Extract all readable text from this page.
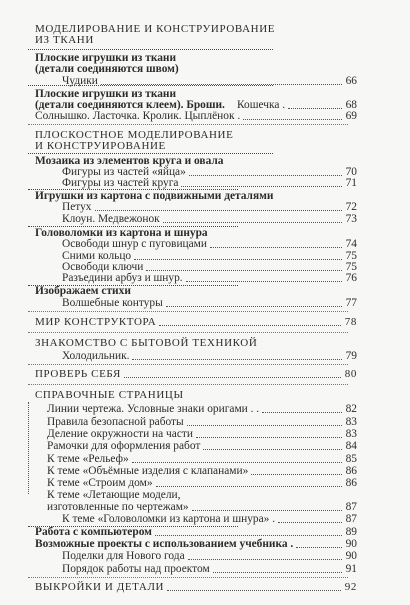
МОДЕЛИРОВАНИЕ И КОНСТРУИРОВАНИЕ
ИЗ ТКАНИ
Плоские игрушки из ткани
(детали соединяются швом)
Чудики	66
Плоские игрушки из ткани
(детали соединяются клеем). Броши. Кошечка .	68
Солнышко. Ласточка. Кролик. Цыплёнок .	69
ПЛОСКОСТНОЕ МОДЕЛИРОВАНИЕ
И КОНСТРУИРОВАНИЕ
Мозаика из элементов круга и овала
Фигуры из частей «яйца»	70
Фигуры из частей круга	71
Игрушки из картона с подвижными деталями
Петух	72
Клоун. Медвежонок	73
Головоломки из картона и шнура
Освободи шнур с пуговицами	74
Сними кольцо	75
Освободи ключи	75
Разъедини арбуз и шнур.	76
Изображаем стихи
Волшебные контуры	77
МИР КОНСТРУКТОРА	78
ЗНАКОМСТВО С БЫТОВОЙ ТЕХНИКОЙ
Холодильник.	79
ПРОВЕРЬ СЕБЯ	80
СПРАВОЧНЫЕ СТРАНИЦЫ
Линии чертежа. Условные знаки оригами . .	82
Правила безопасной работы	83
Деление окружности на части	83
Рамочки для оформления работ	84
К теме «Рельеф»	85
К теме «Объёмные изделия с клапанами»	86
К теме «Строим дом»	86
К теме «Летающие модели,
изготовленные по чертежам»	87
К теме «Головоломки из картона и шнура» .	87
Работа с компьютером	89
Возможные проекты с использованием учебника .	90
Поделки для Нового года	90
Порядок работы над проектом	91
ВЫКРОЙКИ И ДЕТАЛИ	92
